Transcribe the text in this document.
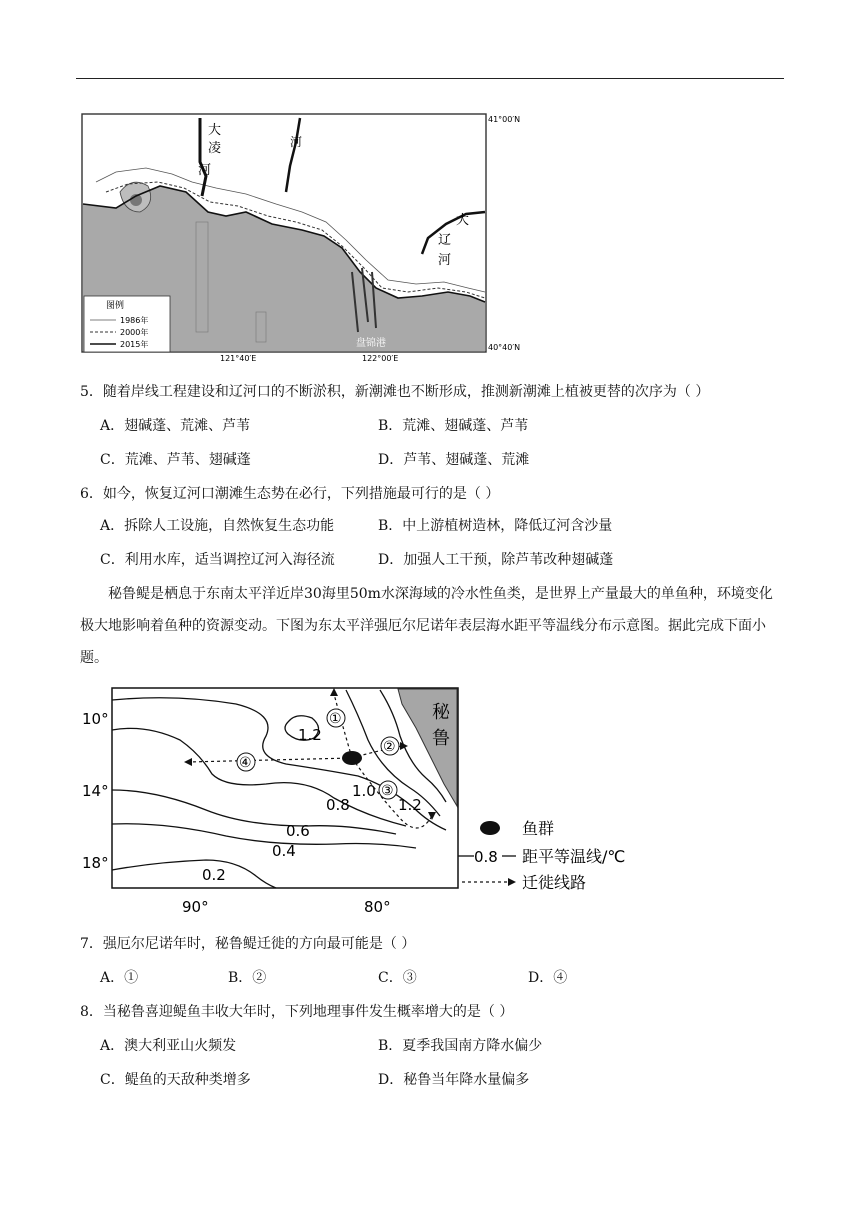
大
凌
河
河
大
辽
河
盘锦港
41°00′N
40°40′N
121°40′E	122°00′E
图例
1986年
2000年
2015年
5．随着岸线工程建设和辽河口的不断淤积，新潮滩也不断形成，推测新潮滩上植被更替的次序为（ ）
A．翅碱蓬、荒滩、芦苇	B．荒滩、翅碱蓬、芦苇
C．荒滩、芦苇、翅碱蓬	D．芦苇、翅碱蓬、荒滩
6．如今，恢复辽河口潮滩生态势在必行，下列措施最可行的是（ ）
A．拆除人工设施，自然恢复生态功能	B．中上游植树造林，降低辽河含沙量
C．利用水库，适当调控辽河入海径流	D．加强人工干预，除芦苇改种翅碱蓬
秘鲁鳀是栖息于东南太平洋近岸30海里50m水深海域的冷水性鱼类，是世界上产量最大的单鱼种，环境变化极大地影响着鱼种的资源变动。下图为东太平洋强厄尔尼诺年表层海水距平等温线分布示意图。据此完成下面小题。
秘
鲁
1.2
1.2
1.0
0.8
0.6
0.4
0.2
①
②
③
④
10°
14°
18°
90°	80°
鱼群
0.8 距平等温线/℃
迁徙线路
7．强厄尔尼诺年时，秘鲁鳀迁徙的方向最可能是（ ）
A．①	B．②	C．③	D．④
8．当秘鲁喜迎鳀鱼丰收大年时，下列地理事件发生概率增大的是（ ）
A．澳大利亚山火频发	B．夏季我国南方降水偏少
C．鳀鱼的天敌种类增多	D．秘鲁当年降水量偏多
